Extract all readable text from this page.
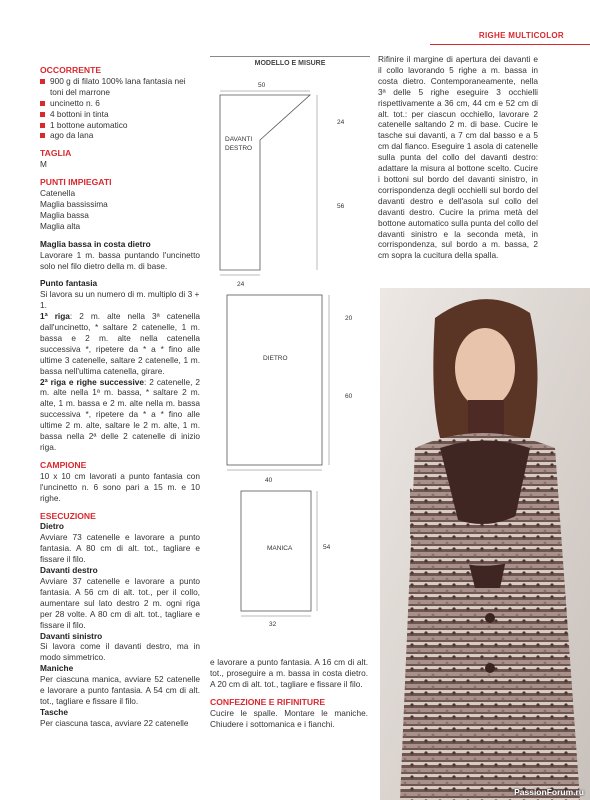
RIGHE MULTICOLOR
OCCORRENTE
900 g di filato 100% lana fantasia nei toni del marrone
uncinetto n. 6
4 bottoni in tinta
1 bottone automatico
ago da lana
TAGLIA
M
PUNTI IMPIEGATI
Catenella
Maglia bassissima
Maglia bassa
Maglia alta
Maglia bassa in costa dietro
Lavorare 1 m. bassa puntando l'uncinetto solo nel filo dietro della m. di base.
Punto fantasia
Si lavora su un numero di m. multiplo di 3 + 1.
1ª riga: 2 m. alte nella 3ª catenella dall'uncinetto, * saltare 2 catenelle, 1 m. bassa e 2 m. alte nella catenella successiva *, ripetere da * a * fino alle ultime 3 catenelle, saltare 2 catenelle, 1 m. bassa nell'ultima catenella, girare.
2ª riga e righe successive: 2 catenelle, 2 m. alte nella 1ª m. bassa, * saltare 2 m. alte, 1 m. bassa e 2 m. alte nella m. bassa successiva *, ripetere da * a * fino alle ultime 2 m. alte, saltare le 2 m. alte, 1 m. bassa nella 2ª delle 2 catenelle di inizio riga.
CAMPIONE
10 x 10 cm lavorati a punto fantasia con l'uncinetto n. 6 sono pari a 15 m. e 10 righe.
ESECUZIONE
Dietro
Avviare 73 catenelle e lavorare a punto fantasia. A 80 cm di alt. tot., tagliare e fissare il filo.
Davanti destro
Avviare 37 catenelle e lavorare a punto fantasia. A 56 cm di alt. tot., per il collo, aumentare sul lato destro 2 m. ogni riga per 28 volte. A 80 cm di alt. tot., tagliare e fissare il filo.
Davanti sinistro
Si lavora come il davanti destro, ma in modo simmetrico.
Maniche
Per ciascuna manica, avviare 52 catenelle e lavorare a punto fantasia. A 54 cm di alt. tot., tagliare e fissare il filo.
Tasche
Per ciascuna tasca, avviare 22 catenelle
MODELLO E MISURE
DAVANTI
DESTRO
50
24
56
24
DIETRO
20
60
40
MANICA	54
32
e lavorare a punto fantasia. A 16 cm di alt. tot., proseguire a m. bassa in costa dietro. A 20 cm di alt. tot., tagliare e fissare il filo.
CONFEZIONE E RIFINITURE
Cucire le spalle. Montare le maniche. Chiudere i sottomanica e i fianchi.
Rifinire il margine di apertura dei davanti e il collo lavorando 5 righe a m. bassa in costa dietro. Contemporaneamente, nella 3ª delle 5 righe eseguire 3 occhielli rispettivamente a 36 cm, 44 cm e 52 cm di alt. tot.: per ciascun occhiello, lavorare 2 catenelle saltando 2 m. di base. Cucire le tasche sui davanti, a 7 cm dal basso e a 5 cm dal fianco. Eseguire 1 asola di catenelle sulla punta del collo del davanti destro: adattare la misura al bottone scelto. Cucire i bottoni sul bordo del davanti sinistro, in corrispondenza degli occhielli sul bordo del davanti destro e dell'asola sul collo del davanti destro. Cucire la prima metà del bottone automatico sulla punta del collo del davanti sinistro e la seconda metà, in corrispondenza, sul bordo a m. bassa, 2 cm sopra la cucitura della spalla.
PassionForum.ru
